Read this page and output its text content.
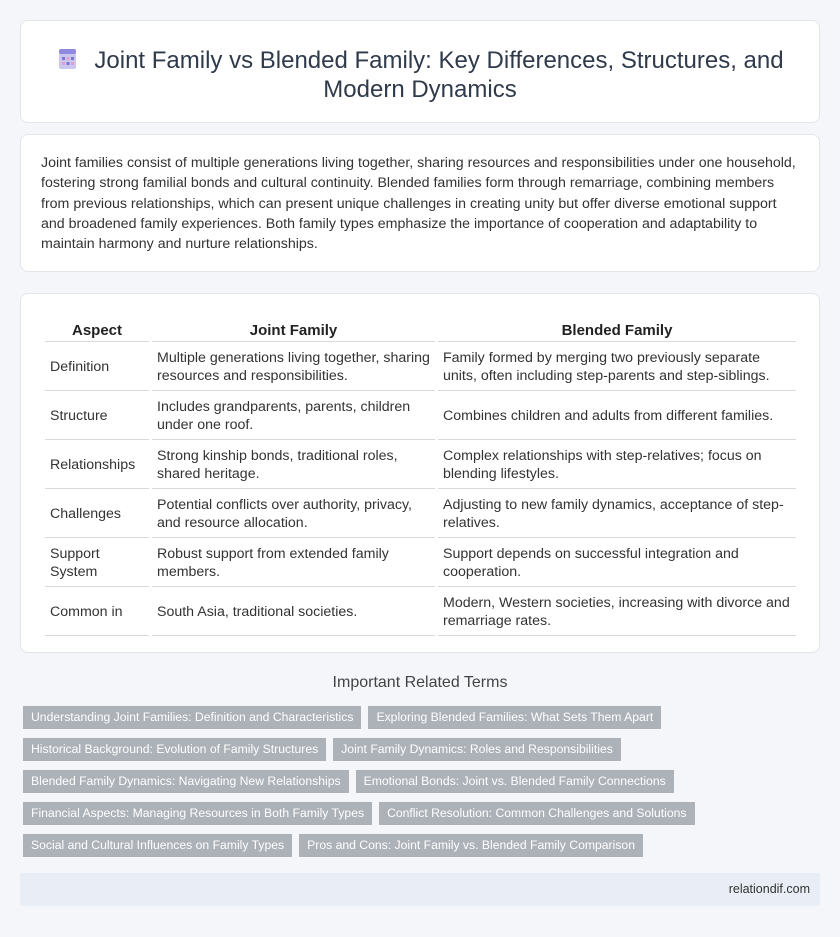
Joint Family vs Blended Family: Key Differences, Structures, and Modern Dynamics

Joint families consist of multiple generations living together, sharing resources and responsibilities under one household, fostering strong familial bonds and cultural continuity. Blended families form through remarriage, combining members from previous relationships, which can present unique challenges in creating unity but offer diverse emotional support and broadened family experiences. Both family types emphasize the importance of cooperation and adaptability to maintain harmony and nurture relationships.

Aspect	Joint Family	Blended Family
Definition	Multiple generations living together, sharing resources and responsibilities.	Family formed by merging two previously separate units, often including step-parents and step-siblings.
Structure	Includes grandparents, parents, children under one roof.	Combines children and adults from different families.
Relationships	Strong kinship bonds, traditional roles, shared heritage.	Complex relationships with step-relatives; focus on blending lifestyles.
Challenges	Potential conflicts over authority, privacy, and resource allocation.	Adjusting to new family dynamics, acceptance of step-relatives.
Support System	Robust support from extended family members.	Support depends on successful integration and cooperation.
Common in	South Asia, traditional societies.	Modern, Western societies, increasing with divorce and remarriage rates.
Important Related Terms
Understanding Joint Families: Definition and Characteristics	Exploring Blended Families: What Sets Them Apart
Historical Background: Evolution of Family Structures	Joint Family Dynamics: Roles and Responsibilities
Blended Family Dynamics: Navigating New Relationships	Emotional Bonds: Joint vs. Blended Family Connections
Financial Aspects: Managing Resources in Both Family Types	Conflict Resolution: Common Challenges and Solutions
Social and Cultural Influences on Family Types	Pros and Cons: Joint Family vs. Blended Family Comparison
relationdif.com
